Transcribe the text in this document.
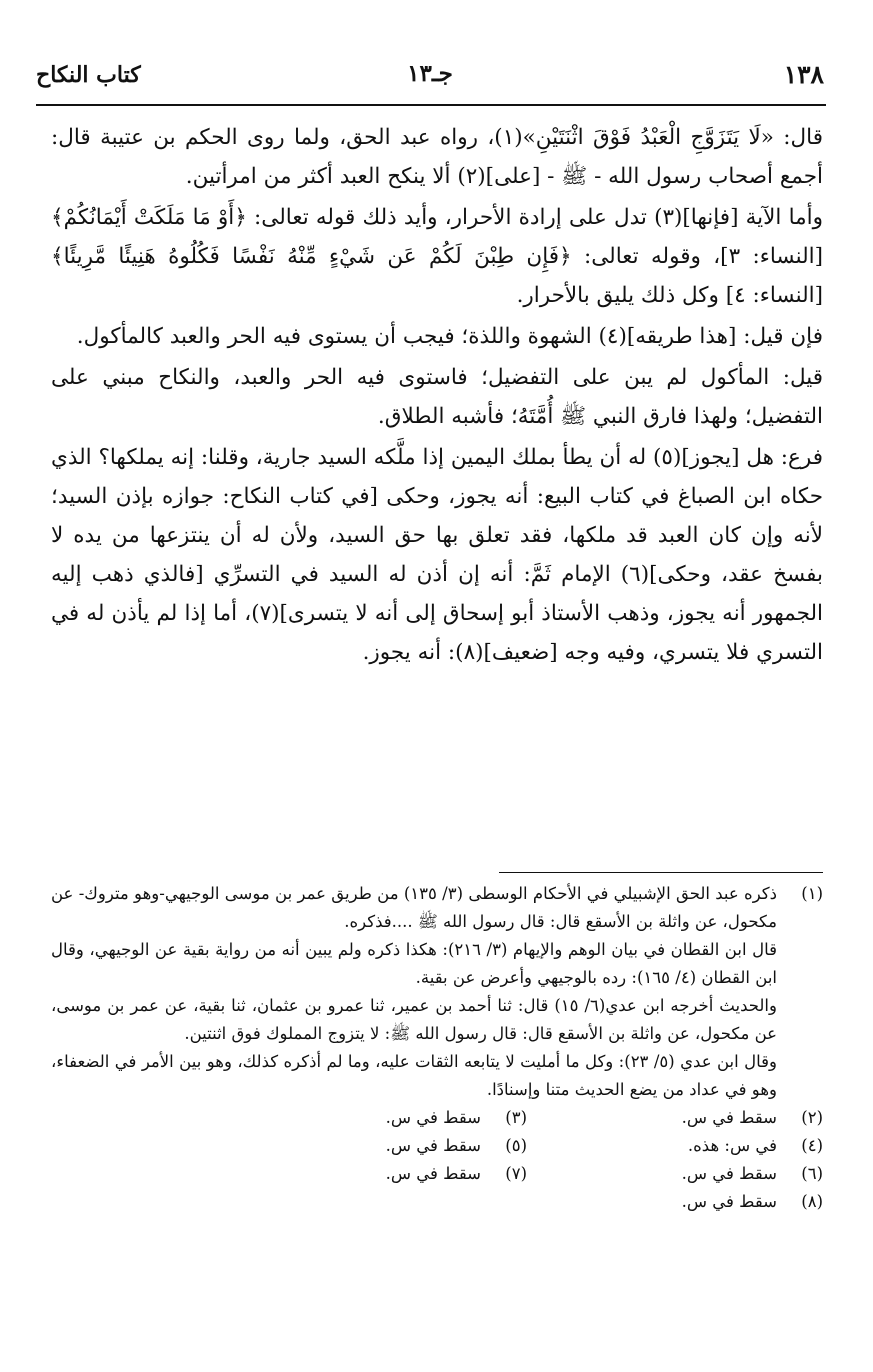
١٣٨
جـ١٣
كتاب النكاح

قال: «لَا يَتَزَوَّجِ الْعَبْدُ فَوْقَ اثْنَتَيْنِ»(١)، رواه عبد الحق، ولما روى الحكم بن عتيبة قال: أجمع أصحاب رسول الله - ﷺ - [على](٢) ألا ينكح العبد أكثر من امرأتين.

وأما الآية [فإنها](٣) تدل على إرادة الأحرار، وأيد ذلك قوله تعالى: ﴿أَوْ مَا مَلَكَتْ أَيْمَانُكُمْ﴾ [النساء: ٣]، وقوله تعالى: ﴿فَإِن طِبْنَ لَكُمْ عَن شَيْءٍ مِّنْهُ نَفْسًا فَكُلُوهُ هَنِيئًا مَّرِيئًا﴾ [النساء: ٤] وكل ذلك يليق بالأحرار.

فإن قيل: [هذا طريقه](٤) الشهوة واللذة؛ فيجب أن يستوى فيه الحر والعبد كالمأكول.

قيل: المأكول لم يبن على التفضيل؛ فاستوى فيه الحر والعبد، والنكاح مبني على التفضيل؛ ولهذا فارق النبي ﷺ أُمَّتَهُ؛ فأشبه الطلاق.

فرع: هل [يجوز](٥) له أن يطأ بملك اليمين إذا ملَّكه السيد جارية، وقلنا: إنه يملكها؟ الذي حكاه ابن الصباغ في كتاب البيع: أنه يجوز، وحكى [في كتاب النكاح: جوازه بإذن السيد؛ لأنه وإن كان العبد قد ملكها، فقد تعلق بها حق السيد، ولأن له أن ينتزعها من يده لا بفسخ عقد، وحكى](٦) الإمام ثَمَّ: أنه إن أذن له السيد في التسرِّي [فالذي ذهب إليه الجمهور أنه يجوز، وذهب الأستاذ أبو إسحاق إلى أنه لا يتسرى](٧)، أما إذا لم يأذن له في التسري فلا يتسري، وفيه وجه [ضعيف](٨): أنه يجوز.

(١)
ذكره عبد الحق الإشبيلي في الأحكام الوسطى (٣/ ١٣٥) من طريق عمر بن موسى الوجيهي-وهو متروك- عن مكحول، عن واثلة بن الأسقع قال: قال رسول الله ﷺ ....فذكره.
قال ابن القطان في بيان الوهم والإيهام (٣/ ٢١٦): هكذا ذكره ولم يبين أنه من رواية بقية عن الوجيهي، وقال ابن القطان (٤/ ١٦٥): رده بالوجيهي وأعرض عن بقية.
والحديث أخرجه ابن عدي(٦/ ١٥) قال: ثنا أحمد بن عمير، ثنا عمرو بن عثمان، ثنا بقية، عن عمر بن موسى، عن مكحول، عن واثلة بن الأسقع قال: قال رسول الله ﷺ: لا يتزوج المملوك فوق اثنتين.
وقال ابن عدي (٥/ ٢٣): وكل ما أمليت لا يتابعه الثقات عليه، وما لم أذكره كذلك، وهو بين الأمر في الضعفاء، وهو في عداد من يضع الحديث متنا وإسنادًا.
(٢)
سقط في س.
(٣)
سقط في س.
(٤)
في س: هذه.
(٥)
سقط في س.
(٦)
سقط في س.
(٧)
سقط في س.
(٨)
سقط في س.
